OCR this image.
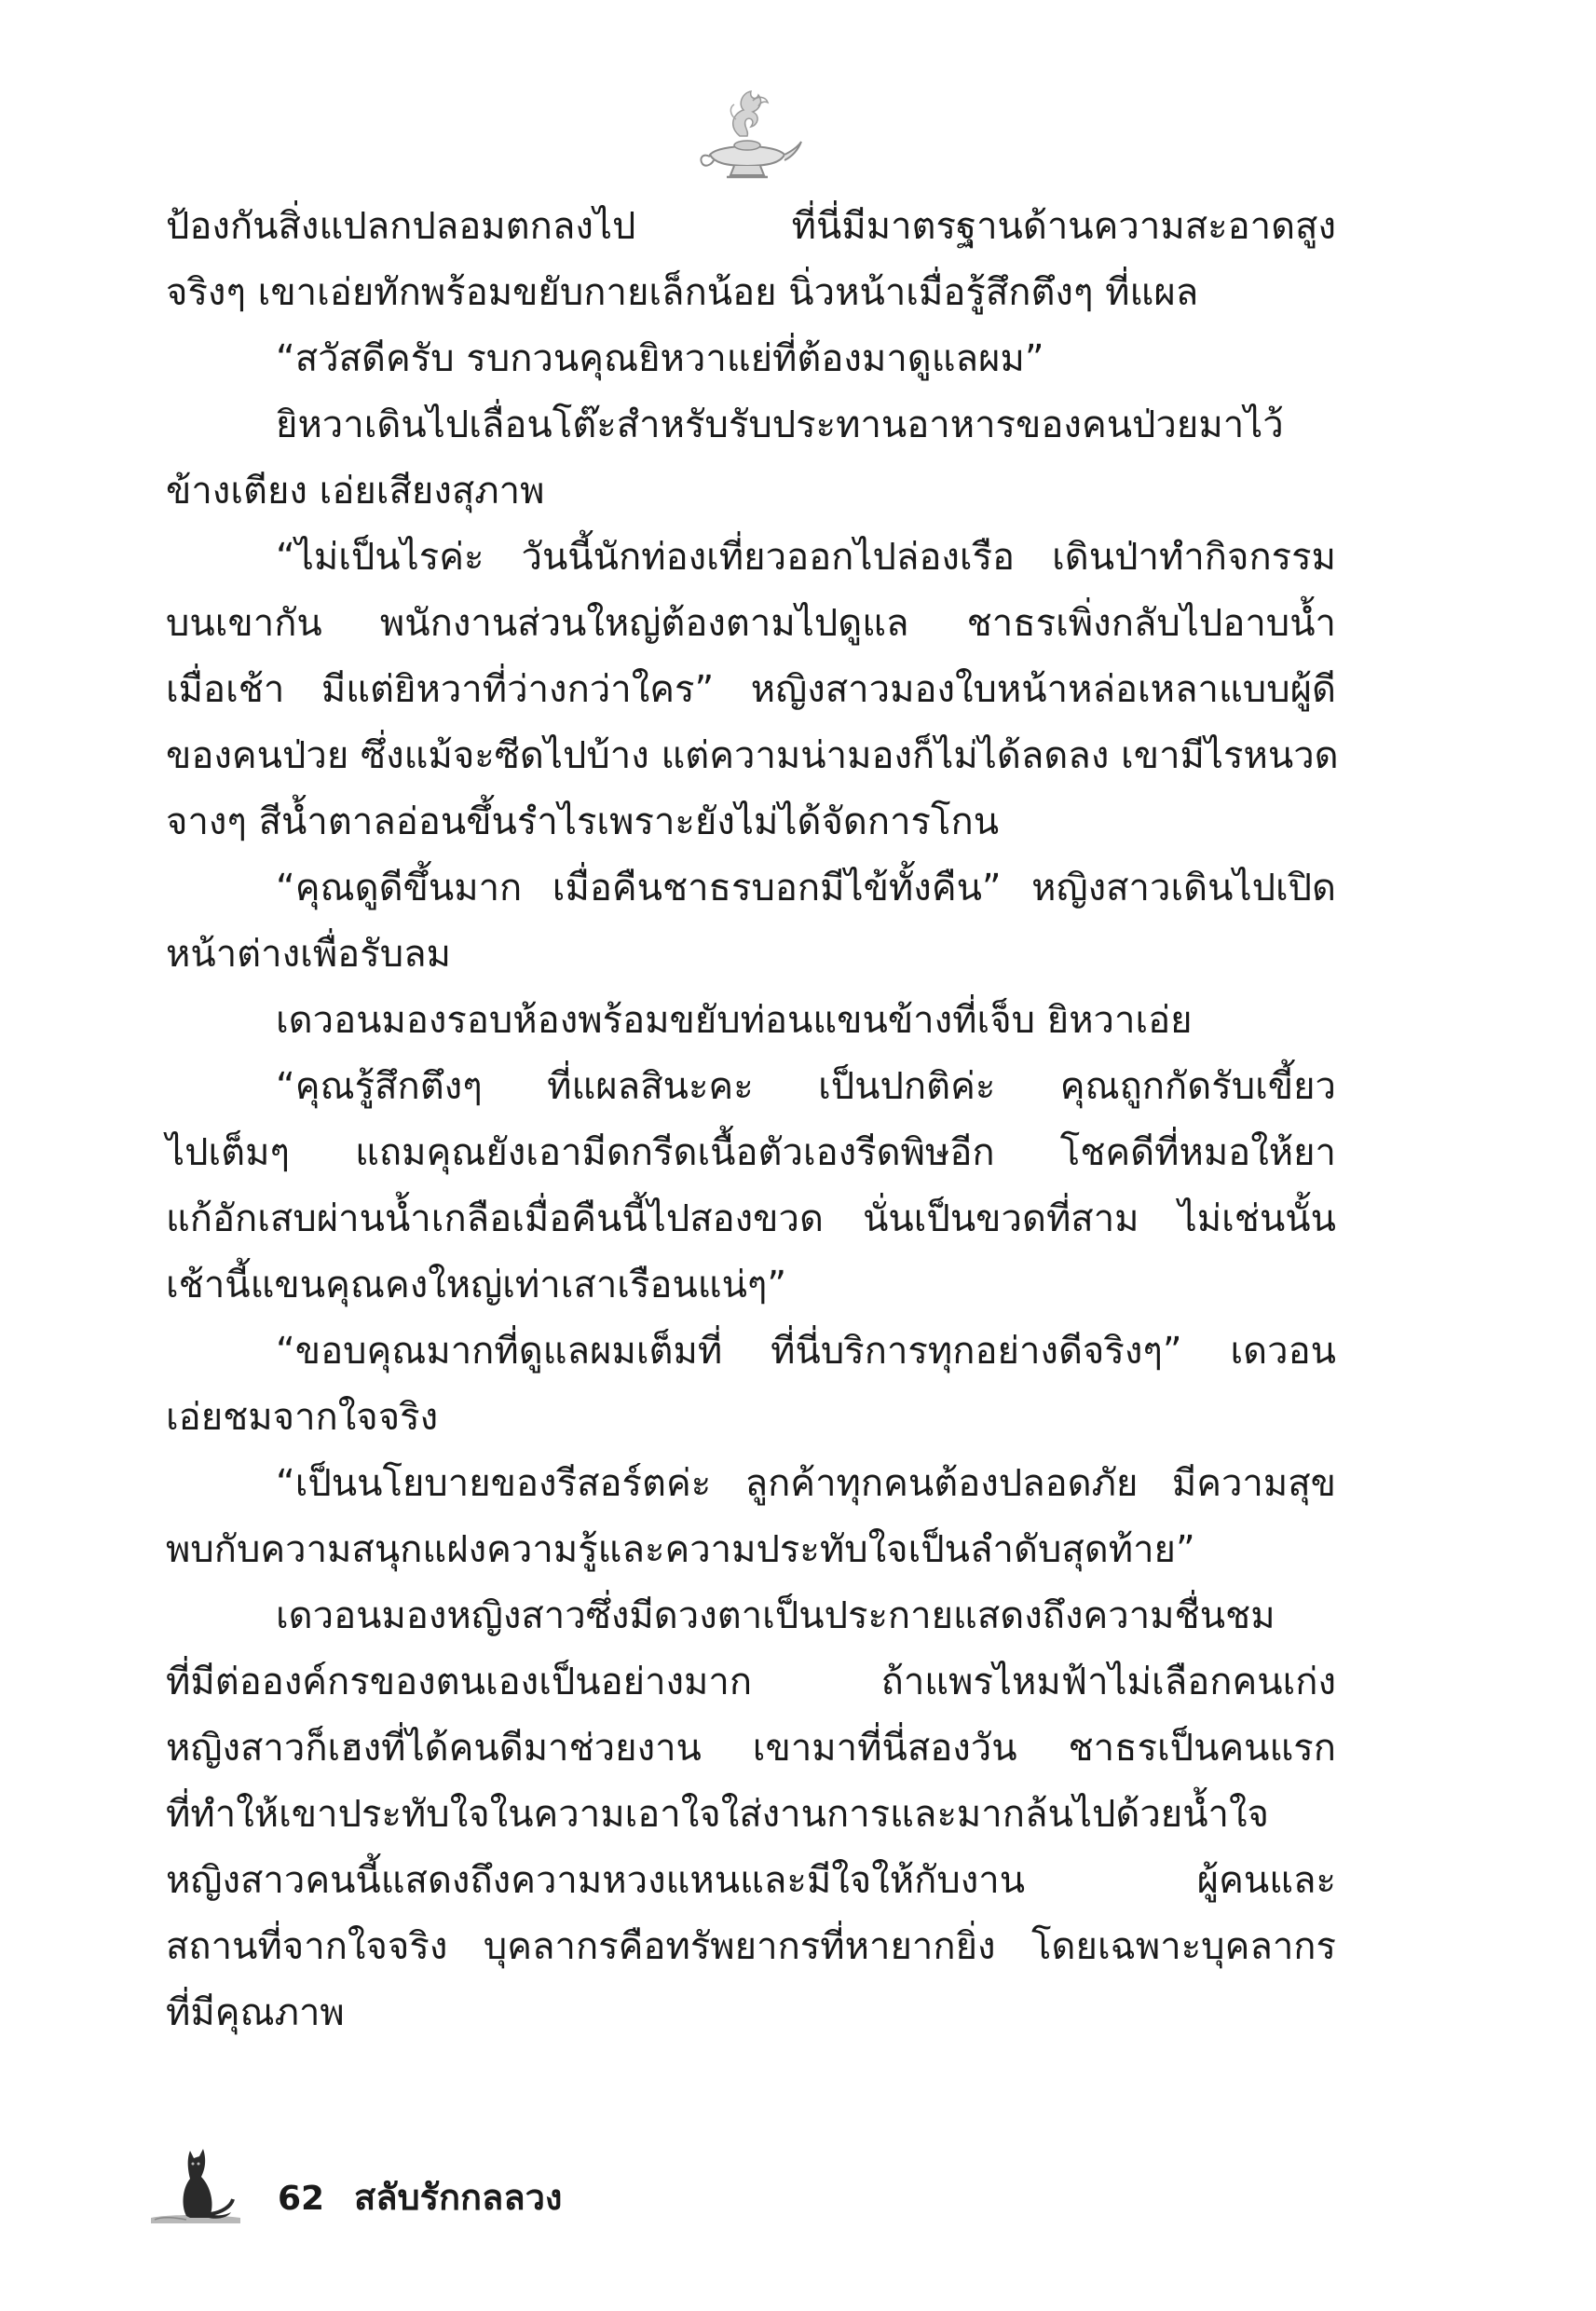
ป้องกันสิ่งแปลกปลอมตกลงไป ที่นี่มีมาตรฐานด้านความสะอาดสูง
จริงๆ เขาเอ่ยทักพร้อมขยับกายเล็กน้อย นิ่วหน้าเมื่อรู้สึกตึงๆ ที่แผล
“สวัสดีครับ รบกวนคุณยิหวาแย่ที่ต้องมาดูแลผม”
ยิหวาเดินไปเลื่อนโต๊ะสำหรับรับประทานอาหารของคนป่วยมาไว้
ข้างเตียง เอ่ยเสียงสุภาพ
“ไม่เป็นไรค่ะ วันนี้นักท่องเที่ยวออกไปล่องเรือ เดินป่าทำกิจกรรม
บนเขากัน พนักงานส่วนใหญ่ต้องตามไปดูแล ชาธรเพิ่งกลับไปอาบน้ำ
เมื่อเช้า มีแต่ยิหวาที่ว่างกว่าใคร” หญิงสาวมองใบหน้าหล่อเหลาแบบผู้ดี
ของคนป่วย ซึ่งแม้จะซีดไปบ้าง แต่ความน่ามองก็ไม่ได้ลดลง เขามีไรหนวด
จางๆ สีน้ำตาลอ่อนขึ้นรำไรเพราะยังไม่ได้จัดการโกน
“คุณดูดีขึ้นมาก เมื่อคืนชาธรบอกมีไข้ทั้งคืน” หญิงสาวเดินไปเปิด
หน้าต่างเพื่อรับลม
เดวอนมองรอบห้องพร้อมขยับท่อนแขนข้างที่เจ็บ ยิหวาเอ่ย
“คุณรู้สึกตึงๆ ที่แผลสินะคะ เป็นปกติค่ะ คุณถูกกัดรับเขี้ยว
ไปเต็มๆ แถมคุณยังเอามีดกรีดเนื้อตัวเองรีดพิษอีก โชคดีที่หมอให้ยา
แก้อักเสบผ่านน้ำเกลือเมื่อคืนนี้ไปสองขวด นั่นเป็นขวดที่สาม ไม่เช่นนั้น
เช้านี้แขนคุณคงใหญ่เท่าเสาเรือนแน่ๆ”
“ขอบคุณมากที่ดูแลผมเต็มที่ ที่นี่บริการทุกอย่างดีจริงๆ” เดวอน
เอ่ยชมจากใจจริง
“เป็นนโยบายของรีสอร์ตค่ะ ลูกค้าทุกคนต้องปลอดภัย มีความสุข
พบกับความสนุกแฝงความรู้และความประทับใจเป็นลำดับสุดท้าย”
เดวอนมองหญิงสาวซึ่งมีดวงตาเป็นประกายแสดงถึงความชื่นชม
ที่มีต่อองค์กรของตนเองเป็นอย่างมาก ถ้าแพรไหมฟ้าไม่เลือกคนเก่ง
หญิงสาวก็เฮงที่ได้คนดีมาช่วยงาน เขามาที่นี่สองวัน ชาธรเป็นคนแรก
ที่ทำให้เขาประทับใจในความเอาใจใส่งานการและมากล้นไปด้วยน้ำใจ
หญิงสาวคนนี้แสดงถึงความหวงแหนและมีใจให้กับงาน ผู้คนและ
สถานที่จากใจจริง บุคลากรคือทรัพยากรที่หายากยิ่ง โดยเฉพาะบุคลากร
ที่มีคุณภาพ
62 สลับรักกลลวง
